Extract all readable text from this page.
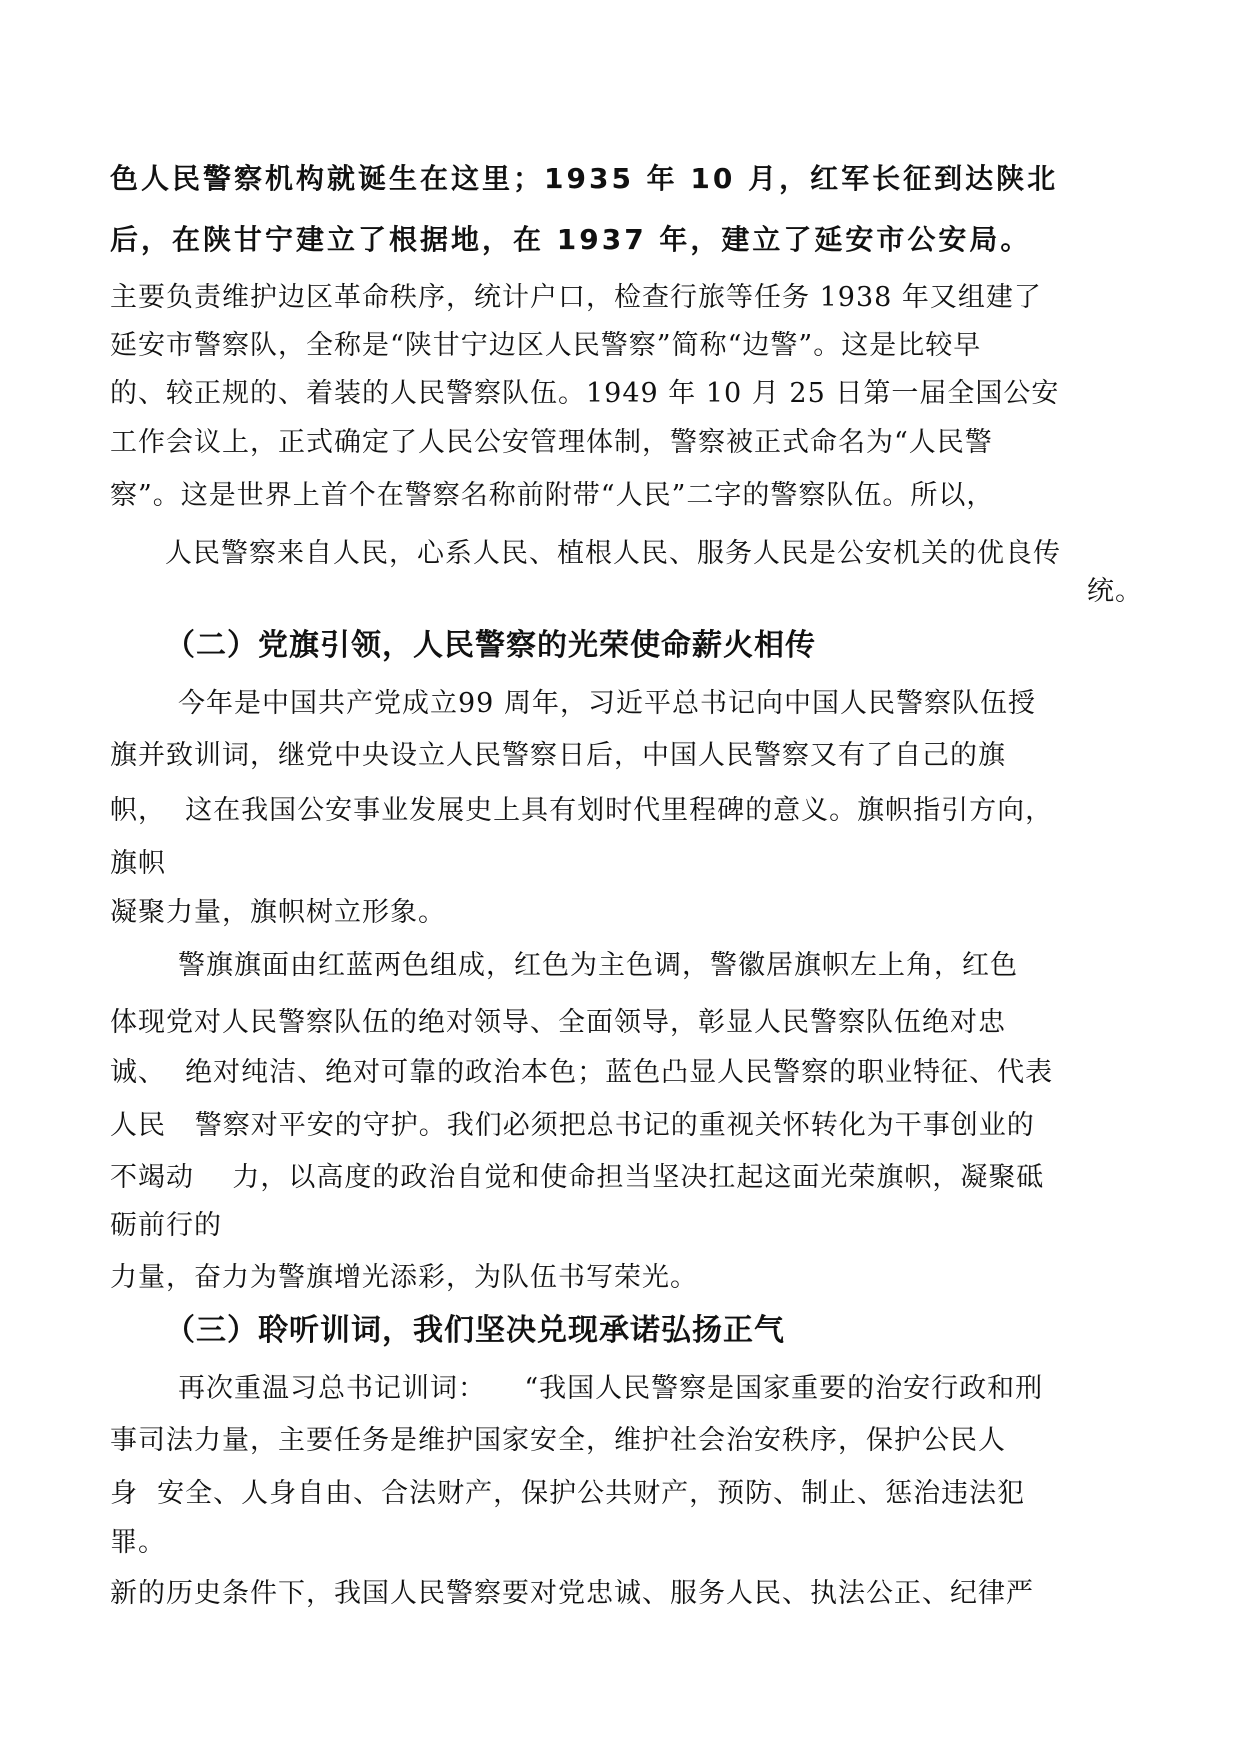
色人民警察机构就诞生在这里；1935 年 10 月，红军长征到达陕北
后，在陕甘宁建立了根据地，在 1937 年，建立了延安市公安局。
主要负责维护边区革命秩序，统计户口，检查行旅等任务 1938 年又组建了
延安市警察队，全称是“陕甘宁边区人民警察”简称“边警”。这是比较早
的、较正规的、着装的人民警察队伍。1949 年 10 月 25 日第一届全国公安
工作会议上，正式确定了人民公安管理体制，警察被正式命名为“人民警
察”。这是世界上首个在警察名称前附带“人民”二字的警察队伍。所以，
人民警察来自人民，心系人民、植根人民、服务人民是公安机关的优良传
统。
（二）党旗引领，人民警察的光荣使命薪火相传
今年是中国共产党成立99 周年，习近平总书记向中国人民警察队伍授
旗并致训词，继党中央设立人民警察日后，中国人民警察又有了自己的旗
帜，  这在我国公安事业发展史上具有划时代里程碑的意义。旗帜指引方向，
旗帜
凝聚力量，旗帜树立形象。
警旗旗面由红蓝两色组成，红色为主色调，警徽居旗帜左上角，红色
体现党对人民警察队伍的绝对领导、全面领导，彰显人民警察队伍绝对忠
诚、  绝对纯洁、绝对可靠的政治本色；蓝色凸显人民警察的职业特征、代表
人民   警察对平安的守护。我们必须把总书记的重视关怀转化为干事创业的
不竭动    力，以高度的政治自觉和使命担当坚决扛起这面光荣旗帜，凝聚砥
砺前行的
力量，奋力为警旗增光添彩，为队伍书写荣光。
（三）聆听训词，我们坚决兑现承诺弘扬正气
再次重温习总书记训词：    “我国人民警察是国家重要的治安行政和刑
事司法力量，主要任务是维护国家安全，维护社会治安秩序，保护公民人
身  安全、人身自由、合法财产，保护公共财产，预防、制止、惩治违法犯
罪。
新的历史条件下，我国人民警察要对党忠诚、服务人民、执法公正、纪律严
